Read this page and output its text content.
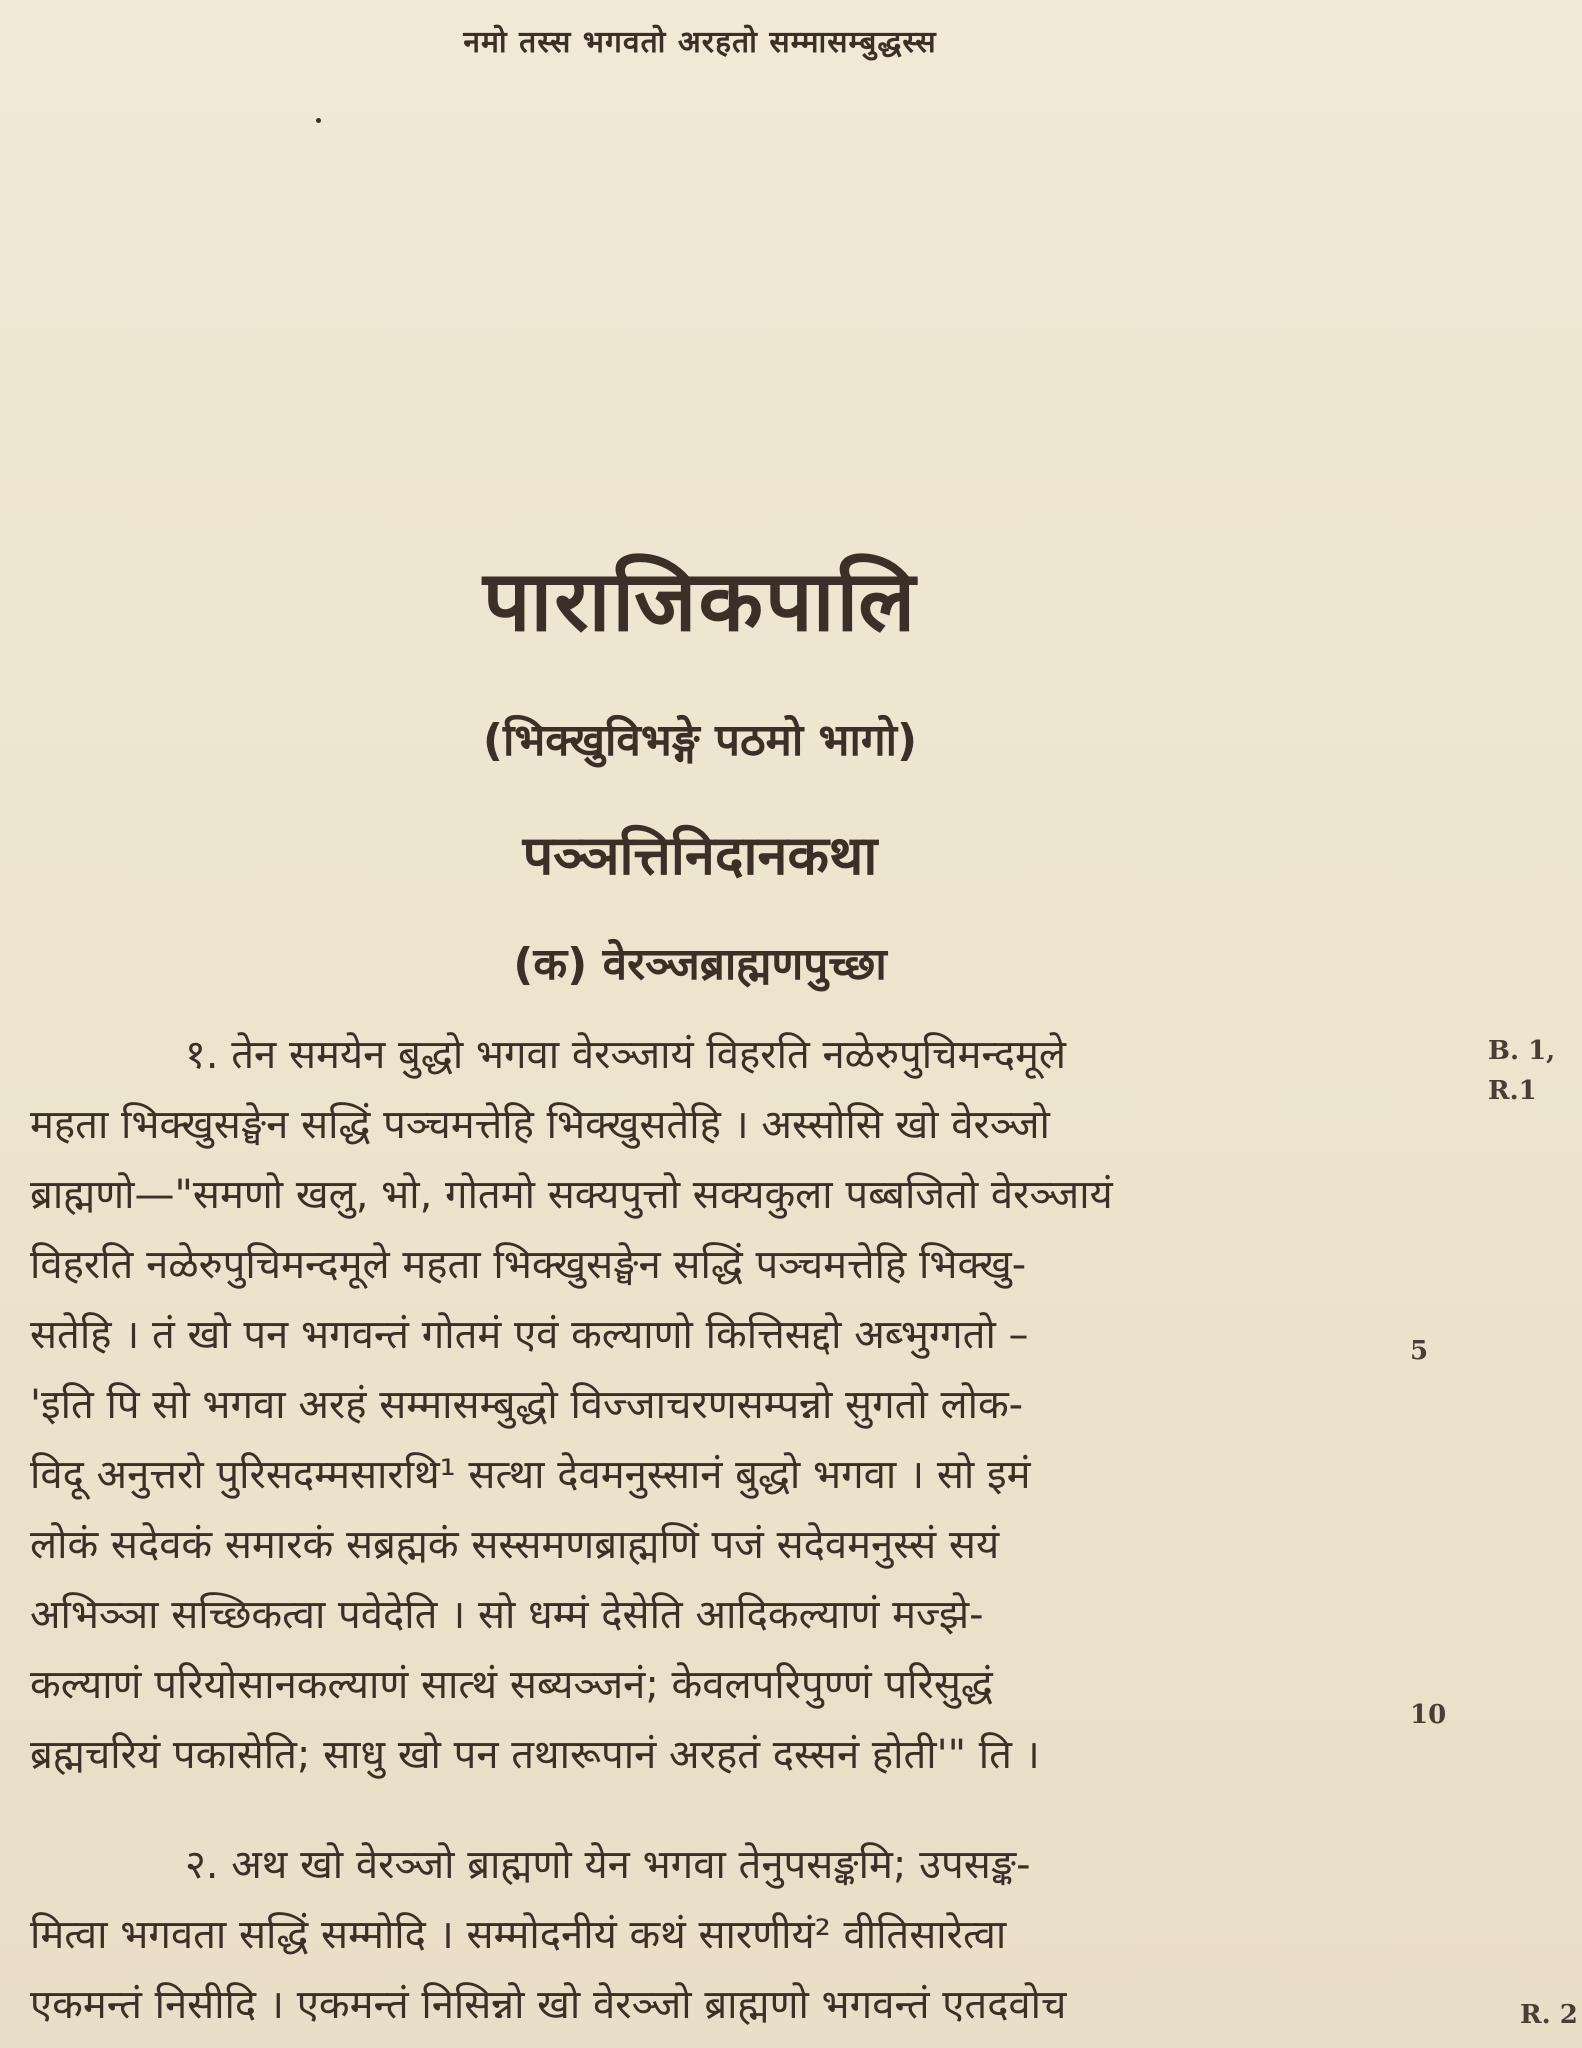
नमो तस्स भगवतो अरहतो सम्मासम्बुद्धस्स
पाराजिकपालि
(भिक्खुविभङ्गे पठमो भागो)
पञ्ञत्तिनिदानकथा
(क) वेरञ्जब्राह्मणपुच्छा
१. तेन समयेन बुद्धो भगवा वेरञ्जायं विहरति नळेरुपुचिमन्दमूले
महता भिक्खुसङ्घेन सद्धिं पञ्चमत्तेहि भिक्खुसतेहि । अस्सोसि खो वेरञ्जो
ब्राह्मणो—"समणो खलु, भो, गोतमो सक्यपुत्तो सक्यकुला पब्बजितो वेरञ्जायं
विहरति नळेरुपुचिमन्दमूले महता भिक्खुसङ्घेन सद्धिं पञ्चमत्तेहि भिक्खु-
सतेहि । तं खो पन भगवन्तं गोतमं एवं कल्याणो कित्तिसद्दो अब्भुग्गतो –
'इति पि सो भगवा अरहं सम्मासम्बुद्धो विज्जाचरणसम्पन्नो सुगतो लोक-
विदू अनुत्तरो पुरिसदम्मसारथि¹ सत्था देवमनुस्सानं बुद्धो भगवा । सो इमं
लोकं सदेवकं समारकं सब्रह्मकं सस्समणब्राह्मणिं पजं सदेवमनुस्सं सयं
अभिञ्ञा सच्छिकत्वा पवेदेति । सो धम्मं देसेति आदिकल्याणं मज्झे-
कल्याणं परियोसानकल्याणं सात्थं सब्यञ्जनं; केवलपरिपुण्णं परिसुद्धं
ब्रह्मचरियं पकासेति; साधु खो पन तथारूपानं अरहतं दस्सनं होती'" ति ।
२. अथ खो वेरञ्जो ब्राह्मणो येन भगवा तेनुपसङ्कमि; उपसङ्क-
मित्वा भगवता सद्धिं सम्मोदि । सम्मोदनीयं कथं सारणीयं² वीतिसारेत्वा
एकमन्तं निसीदि । एकमन्तं निसिन्नो खो वेरञ्जो ब्राह्मणो भगवन्तं एतदवोच
B. 1,
R.1
5
10
R. 2
